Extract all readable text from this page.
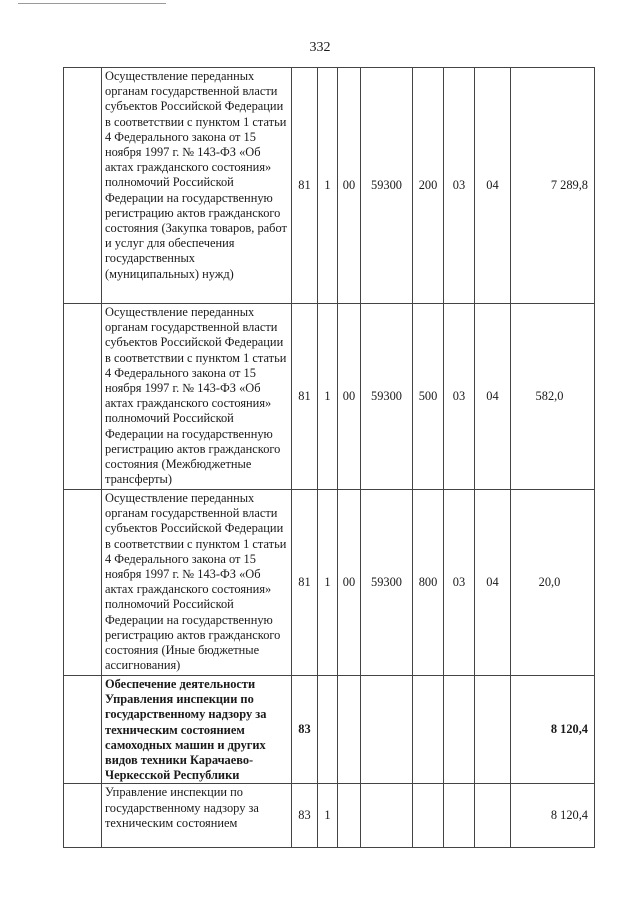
332
	Осуществление переданных органам государственной власти субъектов Российской Федерации в соответствии с пунктом 1 статьи 4 Федерального закона от 15 ноября 1997 г. № 143-ФЗ «Об актах гражданского состояния» полномочий Российской Федерации на государственную регистрацию актов гражданского состояния (Закупка товаров, работ и услуг для обеспечения государственных (муниципальных) нужд)	81	1	00	59300	200	03	04	7 289,8
	Осуществление переданных органам государственной власти субъектов Российской Федерации в соответствии с пунктом 1 статьи 4 Федерального закона от 15 ноября 1997 г. № 143-ФЗ «Об актах гражданского состояния» полномочий Российской Федерации на государственную регистрацию актов гражданского состояния (Межбюджетные трансферты)	81	1	00	59300	500	03	04	582,0
	Осуществление переданных органам государственной власти субъектов Российской Федерации в соответствии с пунктом 1 статьи 4 Федерального закона от 15 ноября 1997 г. № 143-ФЗ «Об актах гражданского состояния» полномочий Российской Федерации на государственную регистрацию актов гражданского состояния (Иные бюджетные ассигнования)	81	1	00	59300	800	03	04	20,0
	Обеспечение деятельности Управления инспекции по государственному надзору за техническим состоянием самоходных машин и других видов техники Карачаево-Черкесской Республики	83							8 120,4
	Управление инспекции по государственному надзору за техническим состоянием	83	1						8 120,4
